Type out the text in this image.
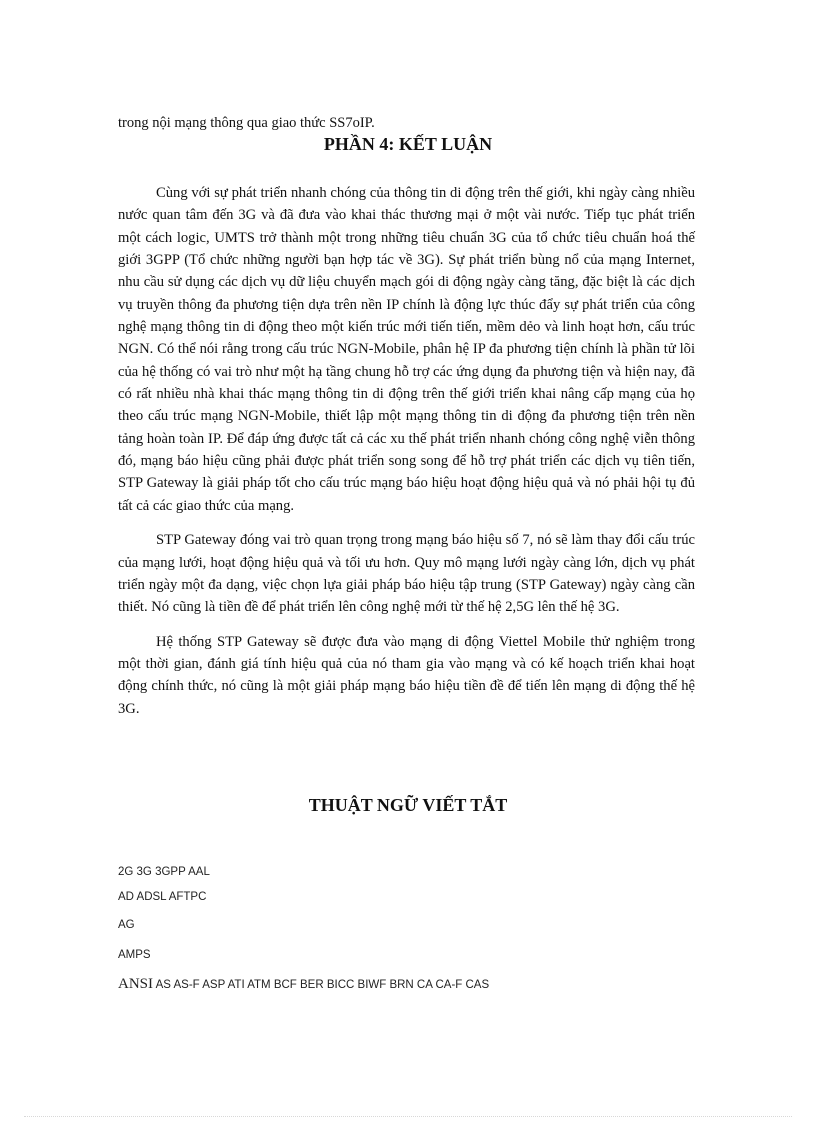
trong nội mạng thông qua giao thức SS7oIP.
PHẦN 4: KẾT LUẬN

Cùng với sự phát triển nhanh chóng của thông tin di động trên thế giới, khi ngày càng nhiều nước quan tâm đến 3G và đã đưa vào khai thác thương mại ở một vài nước. Tiếp tục phát triển một cách logic, UMTS trở thành một trong những tiêu chuẩn 3G của tổ chức tiêu chuẩn hoá thế giới 3GPP (Tổ chức những người bạn hợp tác về 3G). Sự phát triển bùng nổ của mạng Internet, nhu cầu sử dụng các dịch vụ dữ liệu chuyển mạch gói di động ngày càng tăng, đặc biệt là các dịch vụ truyền thông đa phương tiện dựa trên nền IP chính là động lực thúc đẩy sự phát triển của công nghệ mạng thông tin di động theo một kiến trúc mới tiến tiến, mềm dẻo và linh hoạt hơn, cấu trúc NGN. Có thể nói rằng trong cấu trúc NGN-Mobile, phân hệ IP đa phương tiện chính là phần tử lõi của hệ thống có vai trò như một hạ tầng chung hỗ trợ các ứng dụng đa phương tiện và hiện nay, đã có rất nhiều nhà khai thác mạng thông tin di động trên thế giới triển khai nâng cấp mạng của họ theo cấu trúc mạng NGN-Mobile, thiết lập một mạng thông tin di động đa phương tiện trên nền tảng hoàn toàn IP. Để đáp ứng được tất cả các xu thế phát triển nhanh chóng công nghệ viễn thông đó, mạng báo hiệu cũng phải được phát triển song song để hỗ trợ phát triển các dịch vụ tiên tiến, STP Gateway là giải pháp tốt cho cấu trúc mạng báo hiệu hoạt động hiệu quả và nó phải hội tụ đủ tất cả các giao thức của mạng.

STP Gateway đóng vai trò quan trọng trong mạng báo hiệu số 7, nó sẽ làm thay đổi cấu trúc của mạng lưới, hoạt động hiệu quả và tối ưu hơn. Quy mô mạng lưới ngày càng lớn, dịch vụ phát triển ngày một đa dạng, việc chọn lựa giải pháp báo hiệu tập trung (STP Gateway) ngày càng cần thiết. Nó cũng là tiền đề để phát triển lên công nghệ mới từ thế hệ 2,5G lên thế hệ 3G.

Hệ thống STP Gateway sẽ được đưa vào mạng di động Viettel Mobile thử nghiệm trong một thời gian, đánh giá tính hiệu quả của nó tham gia vào mạng và có kế hoạch triển khai hoạt động chính thức, nó cũng là một giải pháp mạng báo hiệu tiền đề để tiến lên mạng di động thế hệ 3G.

THUẬT NGỮ VIẾT TẮT
2G 3G 3GPP AAL
AD ADSL AFTPC
AG
AMPS
ANSI AS AS-F ASP ATI ATM BCF BER BICC BIWF BRN CA CA-F CAS
